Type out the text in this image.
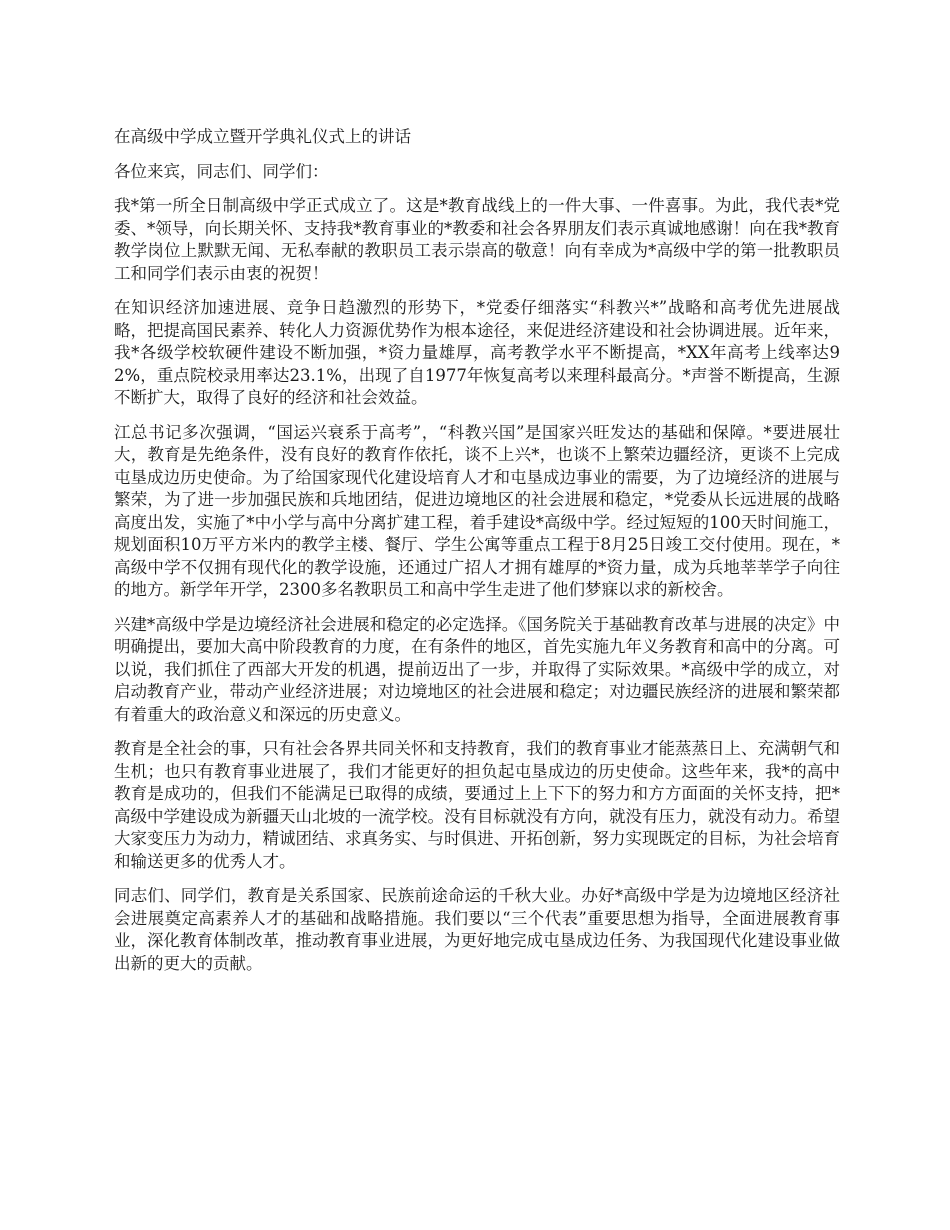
在高级中学成立暨开学典礼仪式上的讲话
各位来宾，同志们、同学们：
我*第一所全日制高级中学正式成立了。这是*教育战线上的一件大事、一件喜事。为此，我代表*党委、*领导，向长期关怀、支持我*教育事业的*教委和社会各界朋友们表示真诚地感谢！向在我*教育教学岗位上默默无闻、无私奉献的教职员工表示崇高的敬意！向有幸成为*高级中学的第一批教职员工和同学们表示由衷的祝贺！
在知识经济加速进展、竞争日趋激烈的形势下，*党委仔细落实“科教兴*”战略和高考优先进展战略，把提高国民素养、转化人力资源优势作为根本途径，来促进经济建设和社会协调进展。近年来，我*各级学校软硬件建设不断加强，*资力量雄厚，高考教学水平不断提高，*XX年高考上线率达92%，重点院校录用率达23.1%，出现了自1977年恢复高考以来理科最高分。*声誉不断提高，生源不断扩大，取得了良好的经济和社会效益。
江总书记多次强调，“国运兴衰系于高考”，“科教兴国”是国家兴旺发达的基础和保障。*要进展壮大，教育是先绝条件，没有良好的教育作依托，谈不上兴*，也谈不上繁荣边疆经济，更谈不上完成屯垦成边历史使命。为了给国家现代化建设培育人才和屯垦成边事业的需要，为了边境经济的进展与繁荣，为了进一步加强民族和兵地团结，促进边境地区的社会进展和稳定，*党委从长远进展的战略高度出发，实施了*中小学与高中分离扩建工程，着手建设*高级中学。经过短短的100天时间施工，规划面积10万平方米内的教学主楼、餐厅、学生公寓等重点工程于8月25日竣工交付使用。现在，*高级中学不仅拥有现代化的教学设施，还通过广招人才拥有雄厚的*资力量，成为兵地莘莘学子向往的地方。新学年开学，2300多名教职员工和高中学生走进了他们梦寐以求的新校舍。
兴建*高级中学是边境经济社会进展和稳定的必定选择。《国务院关于基础教育改革与进展的决定》中明确提出，要加大高中阶段教育的力度，在有条件的地区，首先实施九年义务教育和高中的分离。可以说，我们抓住了西部大开发的机遇，提前迈出了一步，并取得了实际效果。*高级中学的成立，对启动教育产业，带动产业经济进展；对边境地区的社会进展和稳定；对边疆民族经济的进展和繁荣都有着重大的政治意义和深远的历史意义。
教育是全社会的事，只有社会各界共同关怀和支持教育，我们的教育事业才能蒸蒸日上、充满朝气和生机；也只有教育事业进展了，我们才能更好的担负起屯垦成边的历史使命。这些年来，我*的高中教育是成功的，但我们不能满足已取得的成绩，要通过上上下下的努力和方方面面的关怀支持，把*高级中学建设成为新疆天山北坡的一流学校。没有目标就没有方向，就没有压力，就没有动力。希望大家变压力为动力，精诚团结、求真务实、与时俱进、开拓创新，努力实现既定的目标，为社会培育和输送更多的优秀人才。
同志们、同学们，教育是关系国家、民族前途命运的千秋大业。办好*高级中学是为边境地区经济社会进展奠定高素养人才的基础和战略措施。我们要以“三个代表”重要思想为指导，全面进展教育事业，深化教育体制改革，推动教育事业进展，为更好地完成屯垦成边任务、为我国现代化建设事业做出新的更大的贡献。
